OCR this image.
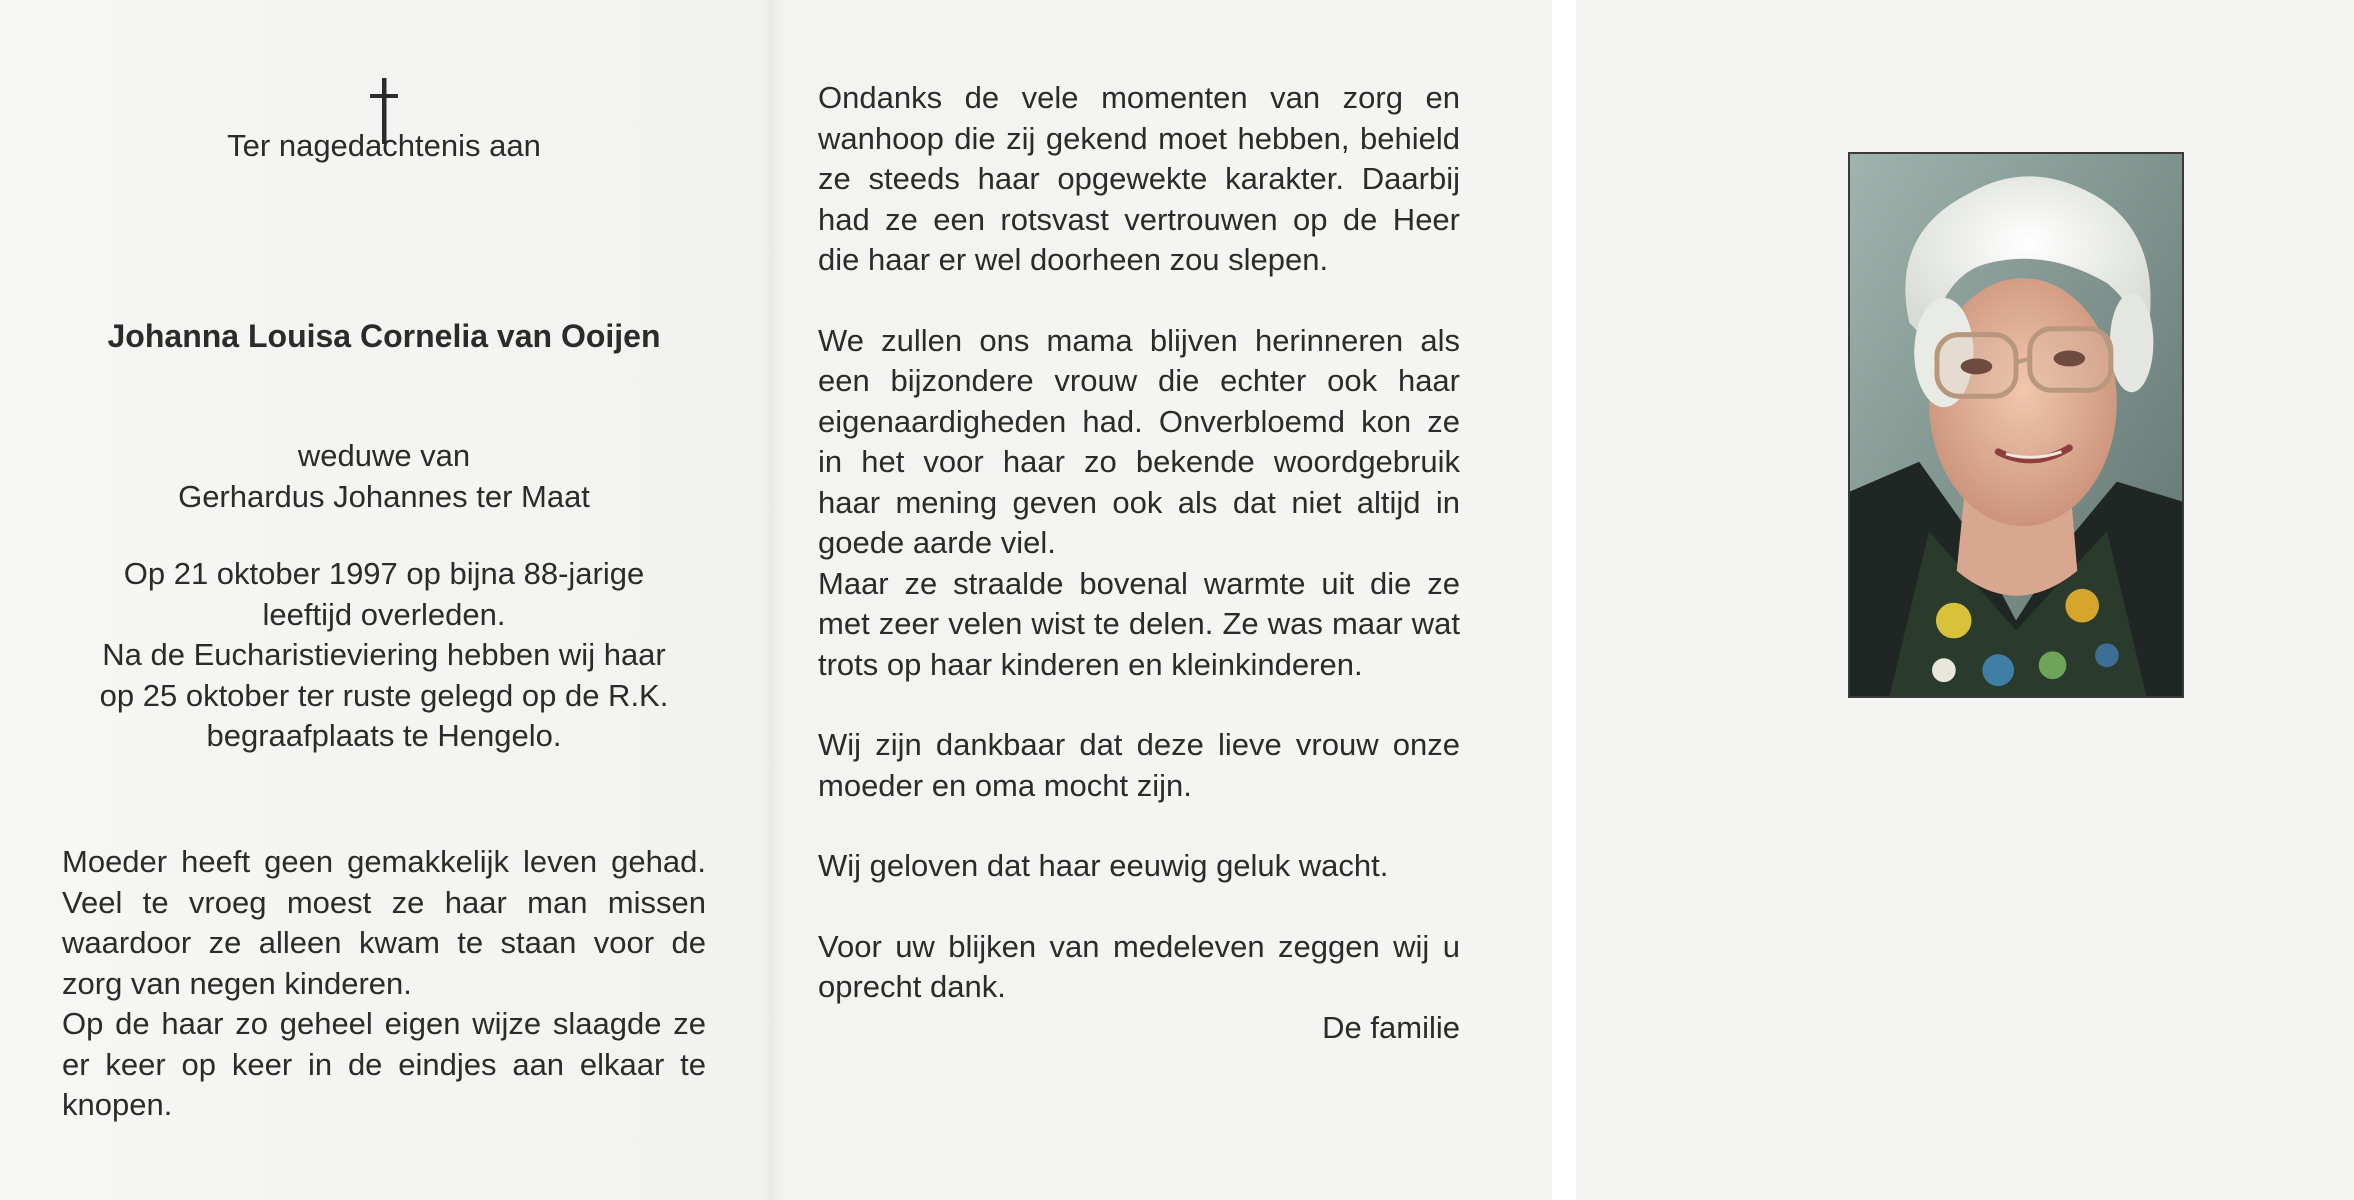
Ter nagedachtenis aan

Johanna Louisa Cornelia van Ooijen

weduwe van

Gerhardus Johannes ter Maat

Op 21 oktober 1997 op bijna 88-jarige

leeftijd overleden.

Na de Eucharistieviering hebben wij haar

op 25 oktober ter ruste gelegd op de R.K.

begraafplaats te Hengelo.

Moeder heeft geen gemakkelijk leven gehad. Veel te vroeg moest ze haar man missen waardoor ze alleen kwam te staan voor de zorg van negen kinderen.

Op de haar zo geheel eigen wijze slaagde ze er keer op keer in de eindjes aan elkaar te knopen.

Ondanks de vele momenten van zorg en wanhoop die zij gekend moet hebben, behield ze steeds haar opgewekte karakter. Daarbij had ze een rotsvast vertrouwen op de Heer die haar er wel doorheen zou slepen.

We zullen ons mama blijven herinneren als een bijzondere vrouw die echter ook haar eigenaardigheden had. Onverbloemd kon ze in het voor haar zo bekende woordgebruik haar mening geven ook als dat niet altijd in goede aarde viel.

Maar ze straalde bovenal warmte uit die ze met zeer velen wist te delen. Ze was maar wat trots op haar kinderen en kleinkinderen.

Wij zijn dankbaar dat deze lieve vrouw onze moeder en oma mocht zijn.

Wij geloven dat haar eeuwig geluk wacht.

Voor uw blijken van medeleven zeggen wij u oprecht dank.

De familie
